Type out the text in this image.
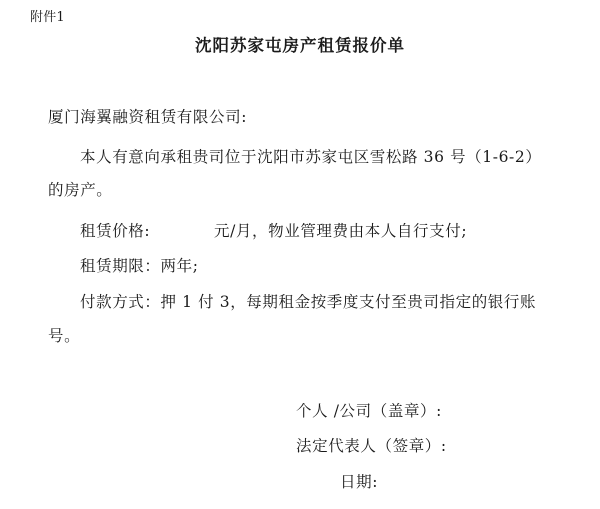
附件1
沈阳苏家屯房产租赁报价单
厦门海翼融资租赁有限公司:
本人有意向承租贵司位于沈阳市苏家屯区雪松路 36 号（1-6-2）
的房产。
租赁价格:	元/月，物业管理费由本人自行支付;
租赁期限：两年;
付款方式：押 1 付 3，每期租金按季度支付至贵司指定的银行账
号。
个人 /公司（盖章）:
法定代表人（签章）:
日期:
